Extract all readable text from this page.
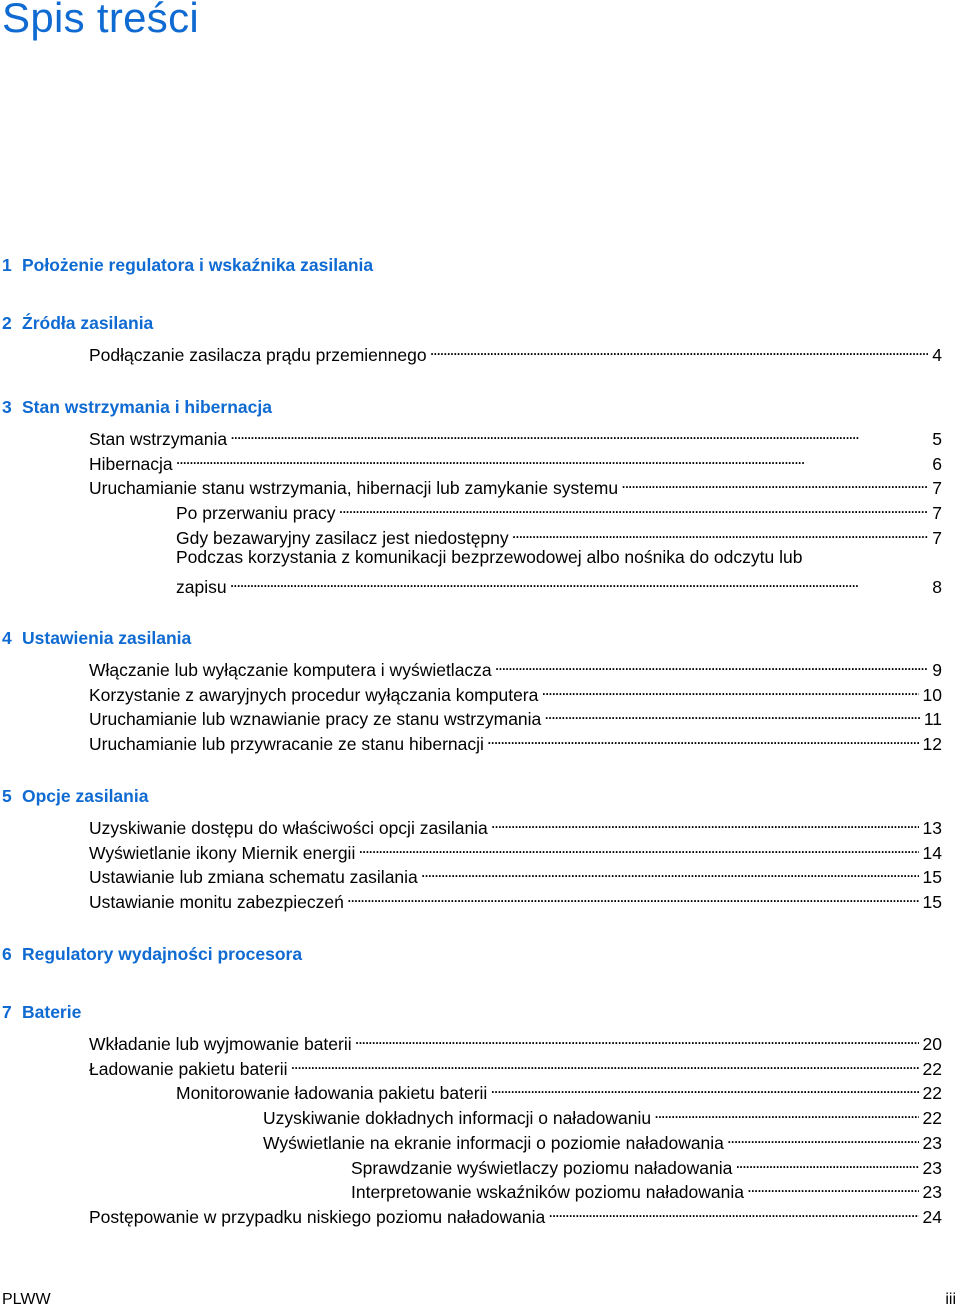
Spis treści
1 Położenie regulatora i wskaźnika zasilania
2 Źródła zasilania
Podłączanie zasilacza prądu przemiennego . . .	4
3 Stan wstrzymania i hibernacja
Stan wstrzymania . . .	5
Hibernacja . . .	6
Uruchamianie stanu wstrzymania, hibernacji lub zamykanie systemu . . .	7
Po przerwaniu pracy . . .	7
Gdy bezawaryjny zasilacz jest niedostępny . . .	7
Podczas korzystania z komunikacji bezprzewodowej albo nośnika do odczytu lub
zapisu . . .	8
4 Ustawienia zasilania
Włączanie lub wyłączanie komputera i wyświetlacza . . .	9
Korzystanie z awaryjnych procedur wyłączania komputera . . .	10
Uruchamianie lub wznawianie pracy ze stanu wstrzymania . . .	11
Uruchamianie lub przywracanie ze stanu hibernacji . . .	12
5 Opcje zasilania
Uzyskiwanie dostępu do właściwości opcji zasilania . . .	13
Wyświetlanie ikony Miernik energii . . .	14
Ustawianie lub zmiana schematu zasilania . . .	15
Ustawianie monitu zabezpieczeń . . .	15
6 Regulatory wydajności procesora
7 Baterie
Wkładanie lub wyjmowanie baterii . . .	20
Ładowanie pakietu baterii . . .	22
Monitorowanie ładowania pakietu baterii . . .	22
Uzyskiwanie dokładnych informacji o naładowaniu . . .	22
Wyświetlanie na ekranie informacji o poziomie naładowania . . .	23
Sprawdzanie wyświetlaczy poziomu naładowania . . .	23
Interpretowanie wskaźników poziomu naładowania . . .	23
Postępowanie w przypadku niskiego poziomu naładowania . . .	24
PLWW	iii
